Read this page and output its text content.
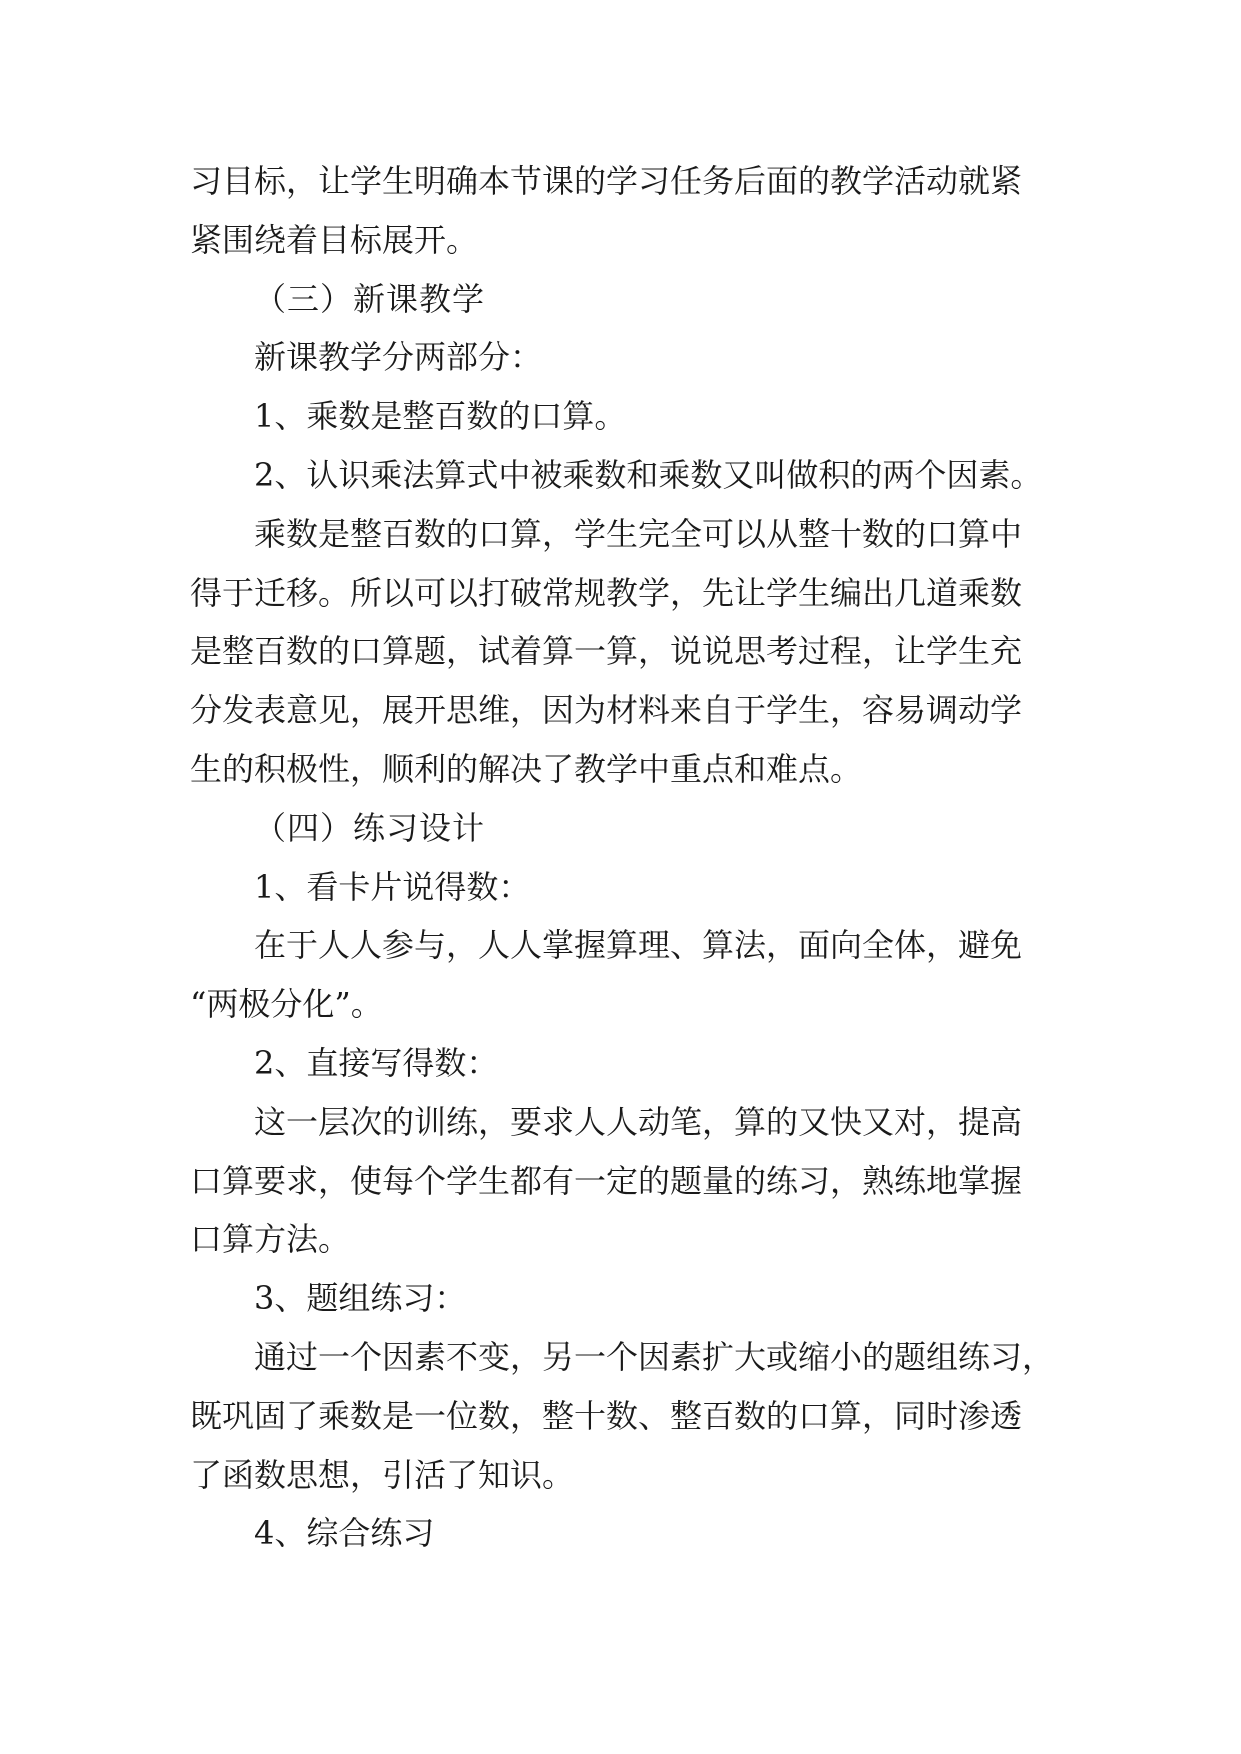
习目标，让学生明确本节课的学习任务后面的教学活动就紧
紧围绕着目标展开。
（三）新课教学
新课教学分两部分：
1、乘数是整百数的口算。
2、认识乘法算式中被乘数和乘数又叫做积的两个因素。
乘数是整百数的口算，学生完全可以从整十数的口算中
得于迁移。所以可以打破常规教学，先让学生编出几道乘数
是整百数的口算题，试着算一算，说说思考过程，让学生充
分发表意见，展开思维，因为材料来自于学生，容易调动学
生的积极性，顺利的解决了教学中重点和难点。
（四）练习设计
1、看卡片说得数：
在于人人参与，人人掌握算理、算法，面向全体，避免
“两极分化”。
2、直接写得数：
这一层次的训练，要求人人动笔，算的又快又对，提高
口算要求，使每个学生都有一定的题量的练习，熟练地掌握
口算方法。
3、题组练习：
通过一个因素不变，另一个因素扩大或缩小的题组练习，
既巩固了乘数是一位数，整十数、整百数的口算，同时渗透
了函数思想，引活了知识。
4、综合练习
